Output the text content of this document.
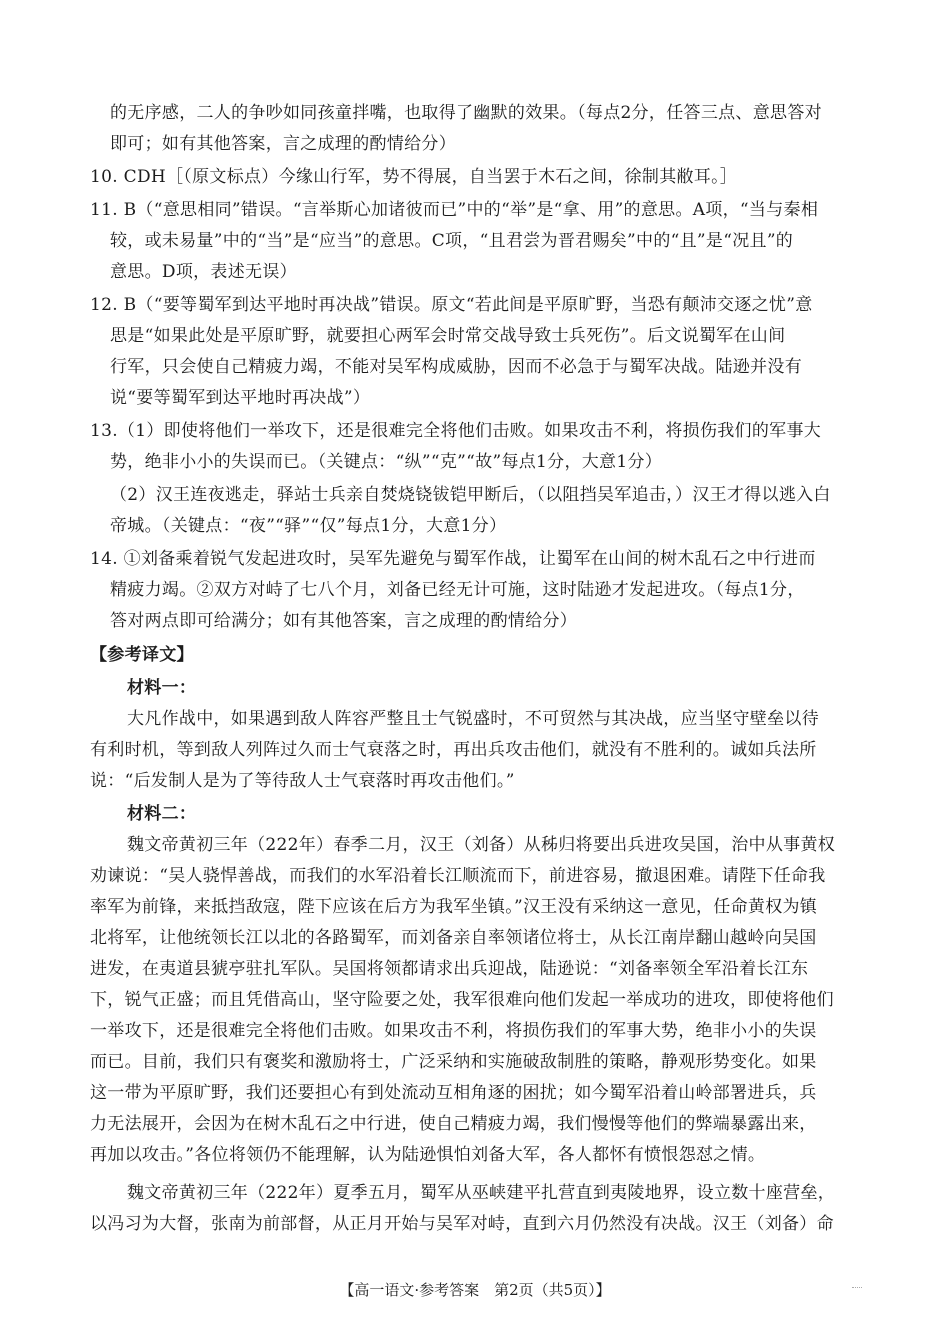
的无序感，二人的争吵如同孩童拌嘴，也取得了幽默的效果。（每点2分，任答三点、意思答对
即可；如有其他答案，言之成理的酌情给分）
10. CDH［（原文标点）今缘山行军，势不得展，自当罢于木石之间，徐制其敝耳。］
11. B（“意思相同”错误。“言举斯心加诸彼而已”中的“举”是“拿、用”的意思。A项，“当与秦相
较，或未易量”中的“当”是“应当”的意思。C项，“且君尝为晋君赐矣”中的“且”是“况且”的
意思。D项，表述无误）
12. B（“要等蜀军到达平地时再决战”错误。原文“若此间是平原旷野，当恐有颠沛交逐之忧”意
思是“如果此处是平原旷野，就要担心两军会时常交战导致士兵死伤”。后文说蜀军在山间
行军，只会使自己精疲力竭，不能对吴军构成威胁，因而不必急于与蜀军决战。陆逊并没有
说“要等蜀军到达平地时再决战”）
13.（1）即使将他们一举攻下，还是很难完全将他们击败。如果攻击不利，将损伤我们的军事大
势，绝非小小的失误而已。（关键点：“纵”“克”“故”每点1分，大意1分）
（2）汉王连夜逃走，驿站士兵亲自焚烧铙钹铠甲断后，（以阻挡吴军追击，）汉王才得以逃入白
帝城。（关键点：“夜”“驿”“仅”每点1分，大意1分）
14. ①刘备乘着锐气发起进攻时，吴军先避免与蜀军作战，让蜀军在山间的树木乱石之中行进而
精疲力竭。②双方对峙了七八个月，刘备已经无计可施，这时陆逊才发起进攻。（每点1分，
答对两点即可给满分；如有其他答案，言之成理的酌情给分）
【参考译文】
材料一：
大凡作战中，如果遇到敌人阵容严整且士气锐盛时，不可贸然与其决战，应当坚守壁垒以待
有利时机，等到敌人列阵过久而士气衰落之时，再出兵攻击他们，就没有不胜利的。诚如兵法所
说：“后发制人是为了等待敌人士气衰落时再攻击他们。”
材料二：
魏文帝黄初三年（222年）春季二月，汉王（刘备）从秭归将要出兵进攻吴国，治中从事黄权
劝谏说：“吴人骁悍善战，而我们的水军沿着长江顺流而下，前进容易，撤退困难。请陛下任命我
率军为前锋，来抵挡敌寇，陛下应该在后方为我军坐镇。”汉王没有采纳这一意见，任命黄权为镇
北将军，让他统领长江以北的各路蜀军，而刘备亲自率领诸位将士，从长江南岸翻山越岭向吴国
进发，在夷道县猇亭驻扎军队。吴国将领都请求出兵迎战，陆逊说：“刘备率领全军沿着长江东
下，锐气正盛；而且凭借高山，坚守险要之处，我军很难向他们发起一举成功的进攻，即使将他们
一举攻下，还是很难完全将他们击败。如果攻击不利，将损伤我们的军事大势，绝非小小的失误
而已。目前，我们只有褒奖和激励将士，广泛采纳和实施破敌制胜的策略，静观形势变化。如果
这一带为平原旷野，我们还要担心有到处流动互相角逐的困扰；如今蜀军沿着山岭部署进兵，兵
力无法展开，会因为在树木乱石之中行进，使自己精疲力竭，我们慢慢等他们的弊端暴露出来，
再加以攻击。”各位将领仍不能理解，认为陆逊惧怕刘备大军，各人都怀有愤恨怨怼之情。
魏文帝黄初三年（222年）夏季五月，蜀军从巫峡建平扎营直到夷陵地界，设立数十座营垒，
以冯习为大督，张南为前部督，从正月开始与吴军对峙，直到六月仍然没有决战。汉王（刘备）命
【高一语文·参考答案　第2页（共5页）】
